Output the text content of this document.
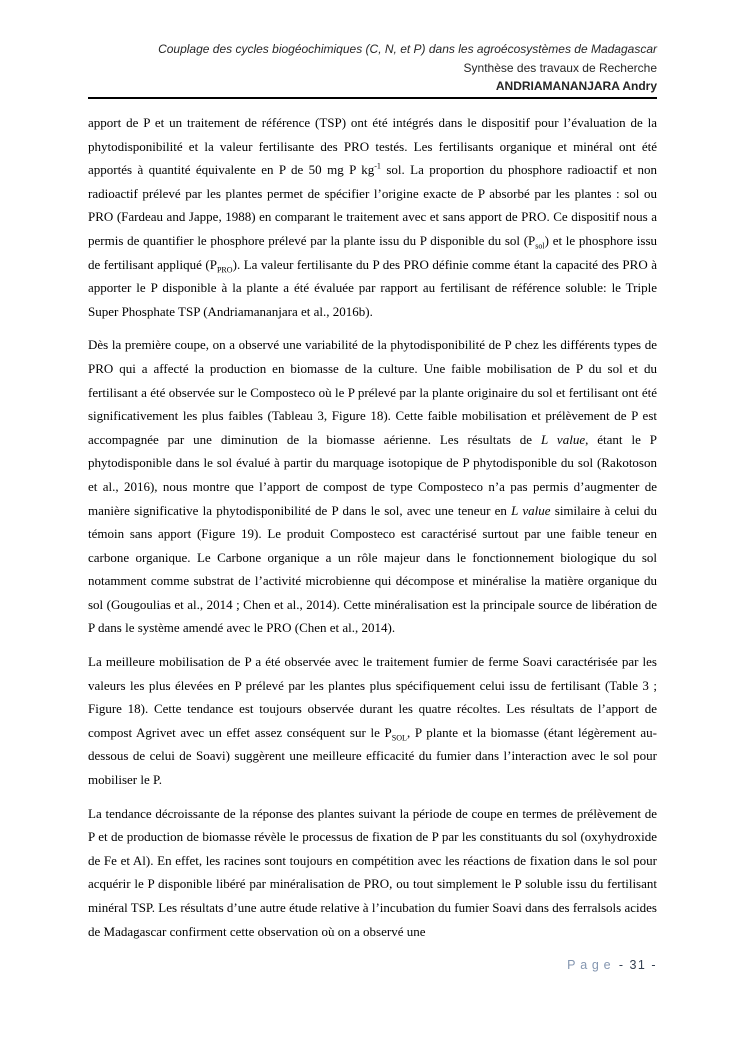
Couplage des cycles biogéochimiques (C, N, et P) dans les agroécosystèmes de Madagascar
Synthèse des travaux de Recherche
ANDRIAMANANJARA Andry

apport de P et un traitement de référence (TSP) ont été intégrés dans le dispositif pour l’évaluation de la phytodisponibilité et la valeur fertilisante des PRO testés. Les fertilisants organique et minéral ont été apportés à quantité équivalente en P de 50 mg P $kg^{-1}$ sol. La proportion du phosphore radioactif et non radioactif prélevé par les plantes permet de spécifier l’origine exacte de P absorbé par les plantes : sol ou PRO (Fardeau and Jappe, 1988) en comparant le traitement avec et sans apport de PRO. Ce dispositif nous a permis de quantifier le phosphore prélevé par la plante issu du P disponible du sol $(P_{sol})$ et le phosphore issu de fertilisant appliqué $(P_{PRO})$. La valeur fertilisante du P des PRO définie comme étant la capacité des PRO à apporter le P disponible à la plante a été évaluée par rapport au fertilisant de référence soluble: le Triple Super Phosphate TSP (Andriamananjara et al., 2016b).

Dès la première coupe, on a observé une variabilité de la phytodisponibilité de P chez les différents types de PRO qui a affecté la production en biomasse de la culture. Une faible mobilisation de P du sol et du fertilisant a été observée sur le Composteco où le P prélevé par la plante originaire du sol et fertilisant ont été significativement les plus faibles (Tableau 3, Figure 18). Cette faible mobilisation et prélèvement de P est accompagnée par une diminution de la biomasse aérienne. Les résultats de L value, étant le P phytodisponible dans le sol évalué à partir du marquage isotopique de P phytodisponible du sol (Rakotoson et al., 2016), nous montre que l’apport de compost de type Composteco n’a pas permis d’augmenter de manière significative la phytodisponibilité de P dans le sol, avec une teneur en L value similaire à celui du témoin sans apport (Figure 19). Le produit Composteco est caractérisé surtout par une faible teneur en carbone organique. Le Carbone organique a un rôle majeur dans le fonctionnement biologique du sol notamment comme substrat de l’activité microbienne qui décompose et minéralise la matière organique du sol (Gougoulias et al., 2014 ; Chen et al., 2014). Cette minéralisation est la principale source de libération de P dans le système amendé avec le PRO (Chen et al., 2014).

La meilleure mobilisation de P a été observée avec le traitement fumier de ferme Soavi caractérisée par les valeurs les plus élevées en P prélevé par les plantes plus spécifiquement celui issu de fertilisant (Table 3 ; Figure 18). Cette tendance est toujours observée durant les quatre récoltes. Les résultats de l’apport de compost Agrivet avec un effet assez conséquent sur le $P_{SOL}$, P plante et la biomasse (étant légèrement au-dessous de celui de Soavi) suggèrent une meilleure efficacité du fumier dans l’interaction avec le sol pour mobiliser le P.

La tendance décroissante de la réponse des plantes suivant la période de coupe en termes de prélèvement de P et de production de biomasse révèle le processus de fixation de P par les constituants du sol (oxyhydroxide de Fe et Al). En effet, les racines sont toujours en compétition avec les réactions de fixation dans le sol pour acquérir le P disponible libéré par minéralisation de PRO, ou tout simplement le P soluble issu du fertilisant minéral TSP. Les résultats d’une autre étude relative à l’incubation du fumier Soavi dans des ferralsols acides de Madagascar confirment cette observation où on a observé une

Page - 31 -
